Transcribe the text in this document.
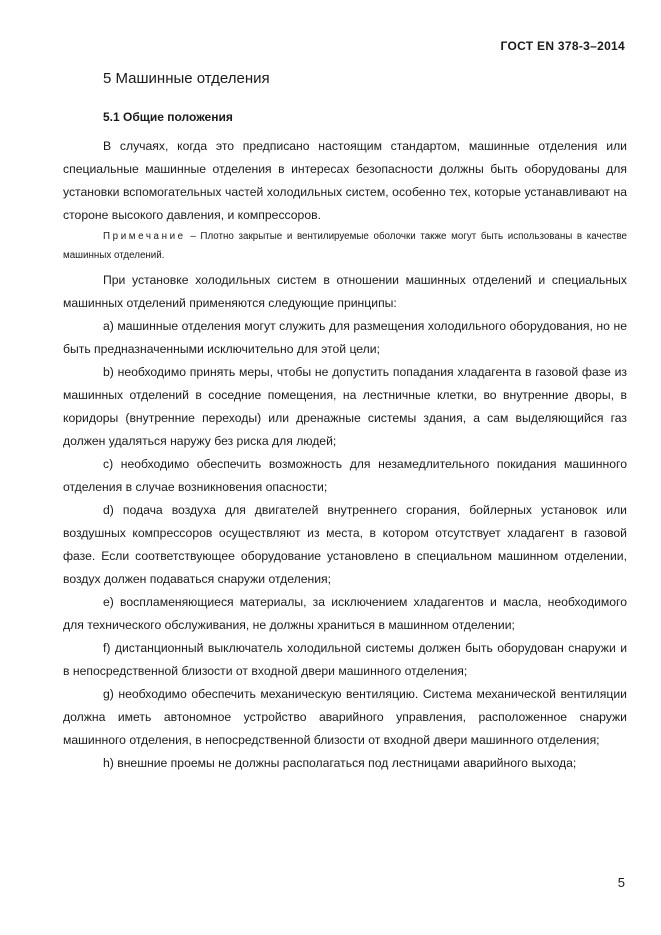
ГОСТ EN 378-3–2014
5 Машинные отделения
5.1 Общие положения

В случаях, когда это предписано настоящим стандартом, машинные отделения или специальные машинные отделения в интересах безопасности должны быть оборудованы для установки вспомогательных частей холодильных систем, особенно тех, которые устанавливают на стороне высокого давления, и компрессоров.

Примечание – Плотно закрытые и вентилируемые оболочки также могут быть использованы в качестве машинных отделений.

При установке холодильных систем в отношении машинных отделений и специальных машинных отделений применяются следующие принципы:

a) машинные отделения могут служить для размещения холодильного оборудования, но не быть предназначенными исключительно для этой цели;

b) необходимо принять меры, чтобы не допустить попадания хладагента в газовой фазе из машинных отделений в соседние помещения, на лестничные клетки, во внутренние дворы, в коридоры (внутренние переходы) или дренажные системы здания, а сам выделяющийся газ должен удаляться наружу без риска для людей;

c) необходимо обеспечить возможность для незамедлительного покидания машинного отделения в случае возникновения опасности;

d) подача воздуха для двигателей внутреннего сгорания, бойлерных установок или воздушных компрессоров осуществляют из места, в котором отсутствует хладагент в газовой фазе. Если соответствующее оборудование установлено в специальном машинном отделении, воздух должен подаваться снаружи отделения;

e) воспламеняющиеся материалы, за исключением хладагентов и масла, необходимого для технического обслуживания, не должны храниться в машинном отделении;

f) дистанционный выключатель холодильной системы должен быть оборудован снаружи и в непосредственной близости от входной двери машинного отделения;

g) необходимо обеспечить механическую вентиляцию. Система механической вентиляции должна иметь автономное устройство аварийного управления, расположенное снаружи машинного отделения, в непосредственной близости от входной двери машинного отделения;

h) внешние проемы не должны располагаться под лестницами аварийного выхода;

5
